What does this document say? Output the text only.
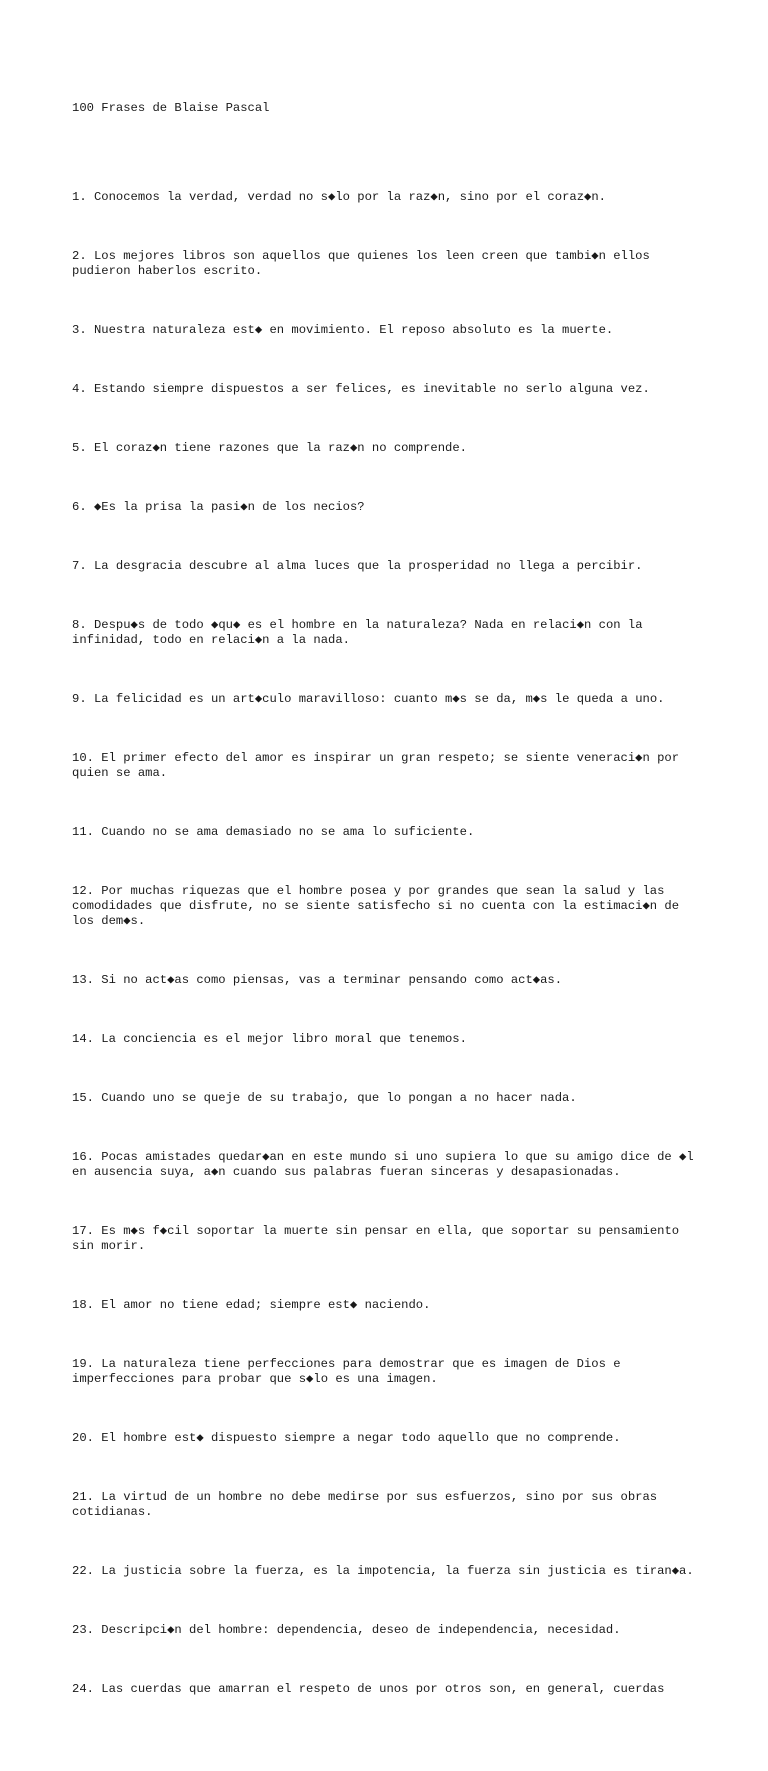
100 Frases de Blaise Pascal

1. Conocemos la verdad, verdad no s◆lo por la raz◆n, sino por el coraz◆n.

2. Los mejores libros son aquellos que quienes los leen creen que tambi◆n ellos pudieron haberlos escrito.

3. Nuestra naturaleza est◆ en movimiento. El reposo absoluto es la muerte.

4. Estando siempre dispuestos a ser felices, es inevitable no serlo alguna vez.

5. El coraz◆n tiene razones que la raz◆n no comprende.

6. ◆Es la prisa la pasi◆n de los necios?

7. La desgracia descubre al alma luces que la prosperidad no llega a percibir.

8. Despu◆s de todo ◆qu◆ es el hombre en la naturaleza? Nada en relaci◆n con la infinidad, todo en relaci◆n a la nada.

9. La felicidad es un art◆culo maravilloso: cuanto m◆s se da, m◆s le queda a uno.

10. El primer efecto del amor es inspirar un gran respeto; se siente veneraci◆n por quien se ama.

11. Cuando no se ama demasiado no se ama lo suficiente.

12. Por muchas riquezas que el hombre posea y por grandes que sean la salud y las comodidades que disfrute, no se siente satisfecho si no cuenta con la estimaci◆n de los dem◆s.

13. Si no act◆as como piensas, vas a terminar pensando como act◆as.

14. La conciencia es el mejor libro moral que tenemos.

15. Cuando uno se queje de su trabajo, que lo pongan a no hacer nada.

16. Pocas amistades quedar◆an en este mundo si uno supiera lo que su amigo dice de ◆l en ausencia suya, a◆n cuando sus palabras fueran sinceras y desapasionadas.

17. Es m◆s f◆cil soportar la muerte sin pensar en ella, que soportar su pensamiento sin morir.

18. El amor no tiene edad; siempre est◆ naciendo.

19. La naturaleza tiene perfecciones para demostrar que es imagen de Dios e imperfecciones para probar que s◆lo es una imagen.

20. El hombre est◆ dispuesto siempre a negar todo aquello que no comprende.

21. La virtud de un hombre no debe medirse por sus esfuerzos, sino por sus obras cotidianas.

22. La justicia sobre la fuerza, es la impotencia, la fuerza sin justicia es tiran◆a.

23. Descripci◆n del hombre: dependencia, deseo de independencia, necesidad.

24. Las cuerdas que amarran el respeto de unos por otros son, en general, cuerdas
